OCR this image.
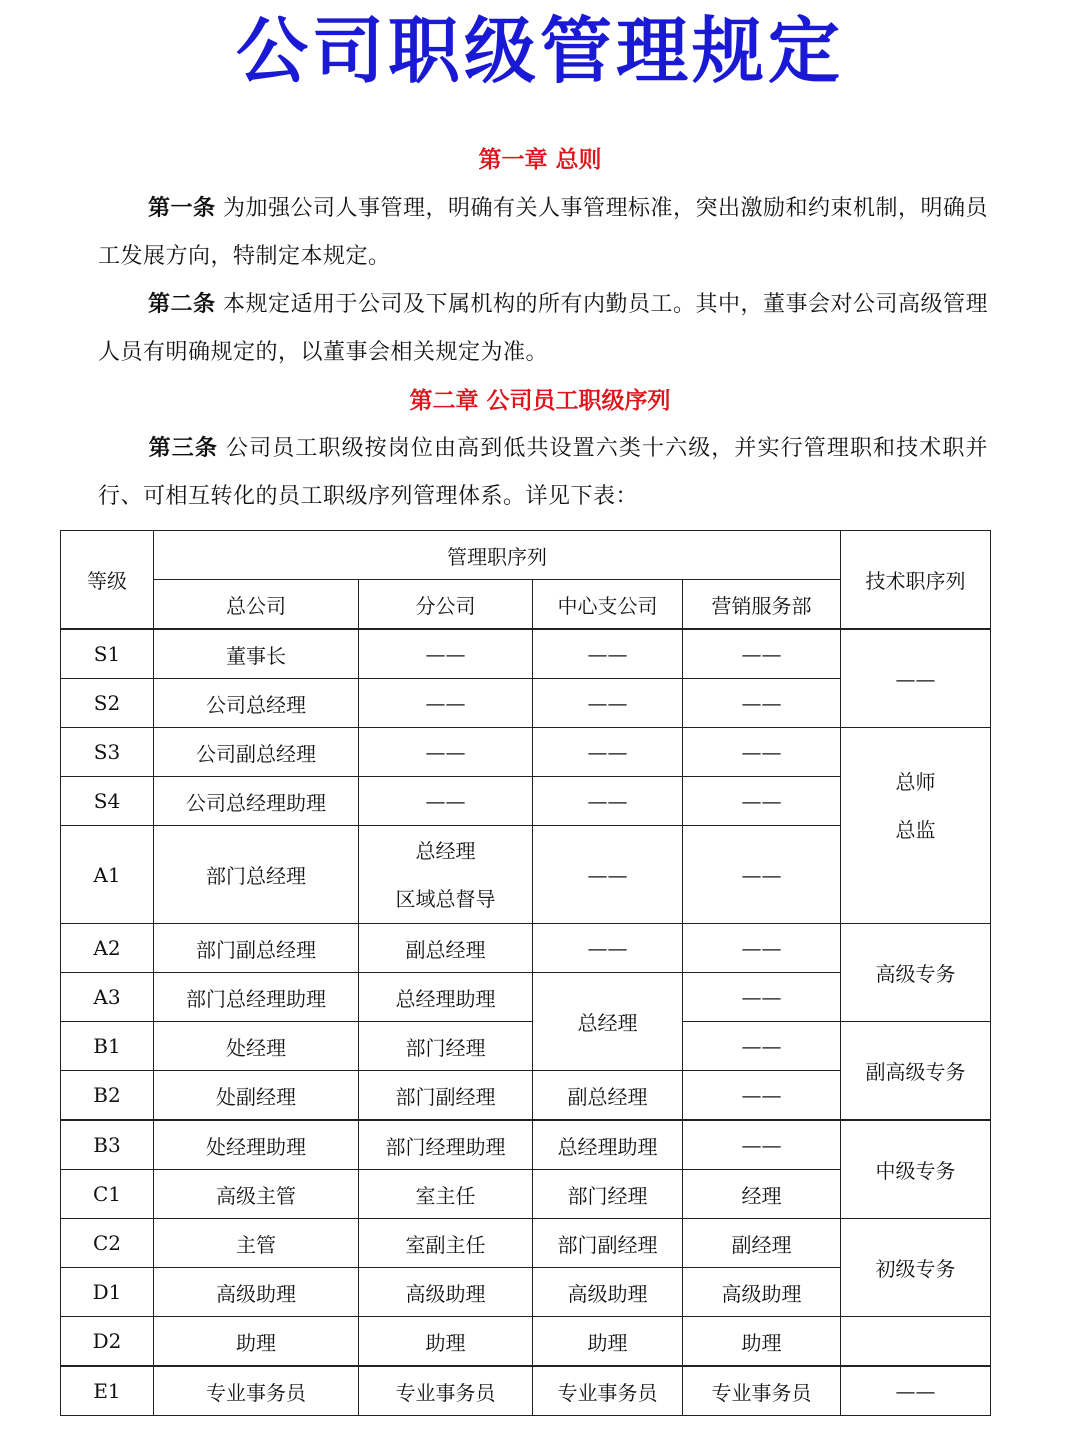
公司职级管理规定
第一章 总则

第一条 为加强公司人事管理，明确有关人事管理标准，突出激励和约束机制，明确员工发展方向，特制定本规定。

第二条 本规定适用于公司及下属机构的所有内勤员工。其中，董事会对公司高级管理人员有明确规定的，以董事会相关规定为准。

第二章 公司员工职级序列

第三条 公司员工职级按岗位由高到低共设置六类十六级，并实行管理职和技术职并行、可相互转化的员工职级序列管理体系。详见下表：

等级	管理职序列				技术职序列
	总公司	分公司	中心支公司	营销服务部	
S1	董事长	——	——	——	——
S2	公司总经理	——	——	——	
S3	公司副总经理	——	——	——	总师
总监

S4	公司总经理助理	——	——	——	
A1	部门总经理	总经理
区域总督导	——	——	
A2	部门副总经理	副总经理	——	——	高级专务
A3	部门总经理助理	总经理助理	总经理	——	
B1	处经理	部门经理		——	副高级专务
B2	处副经理	部门副经理	副总经理	——	
B3	处经理助理	部门经理助理	总经理助理	——	中级专务
C1	高级主管	室主任	部门经理	经理	
C2	主管	室副主任	部门副经理	副经理	初级专务
D1	高级助理	高级助理	高级助理	高级助理	
D2	助理	助理	助理	助理	
E1	专业事务员	专业事务员	专业事务员	专业事务员	——
